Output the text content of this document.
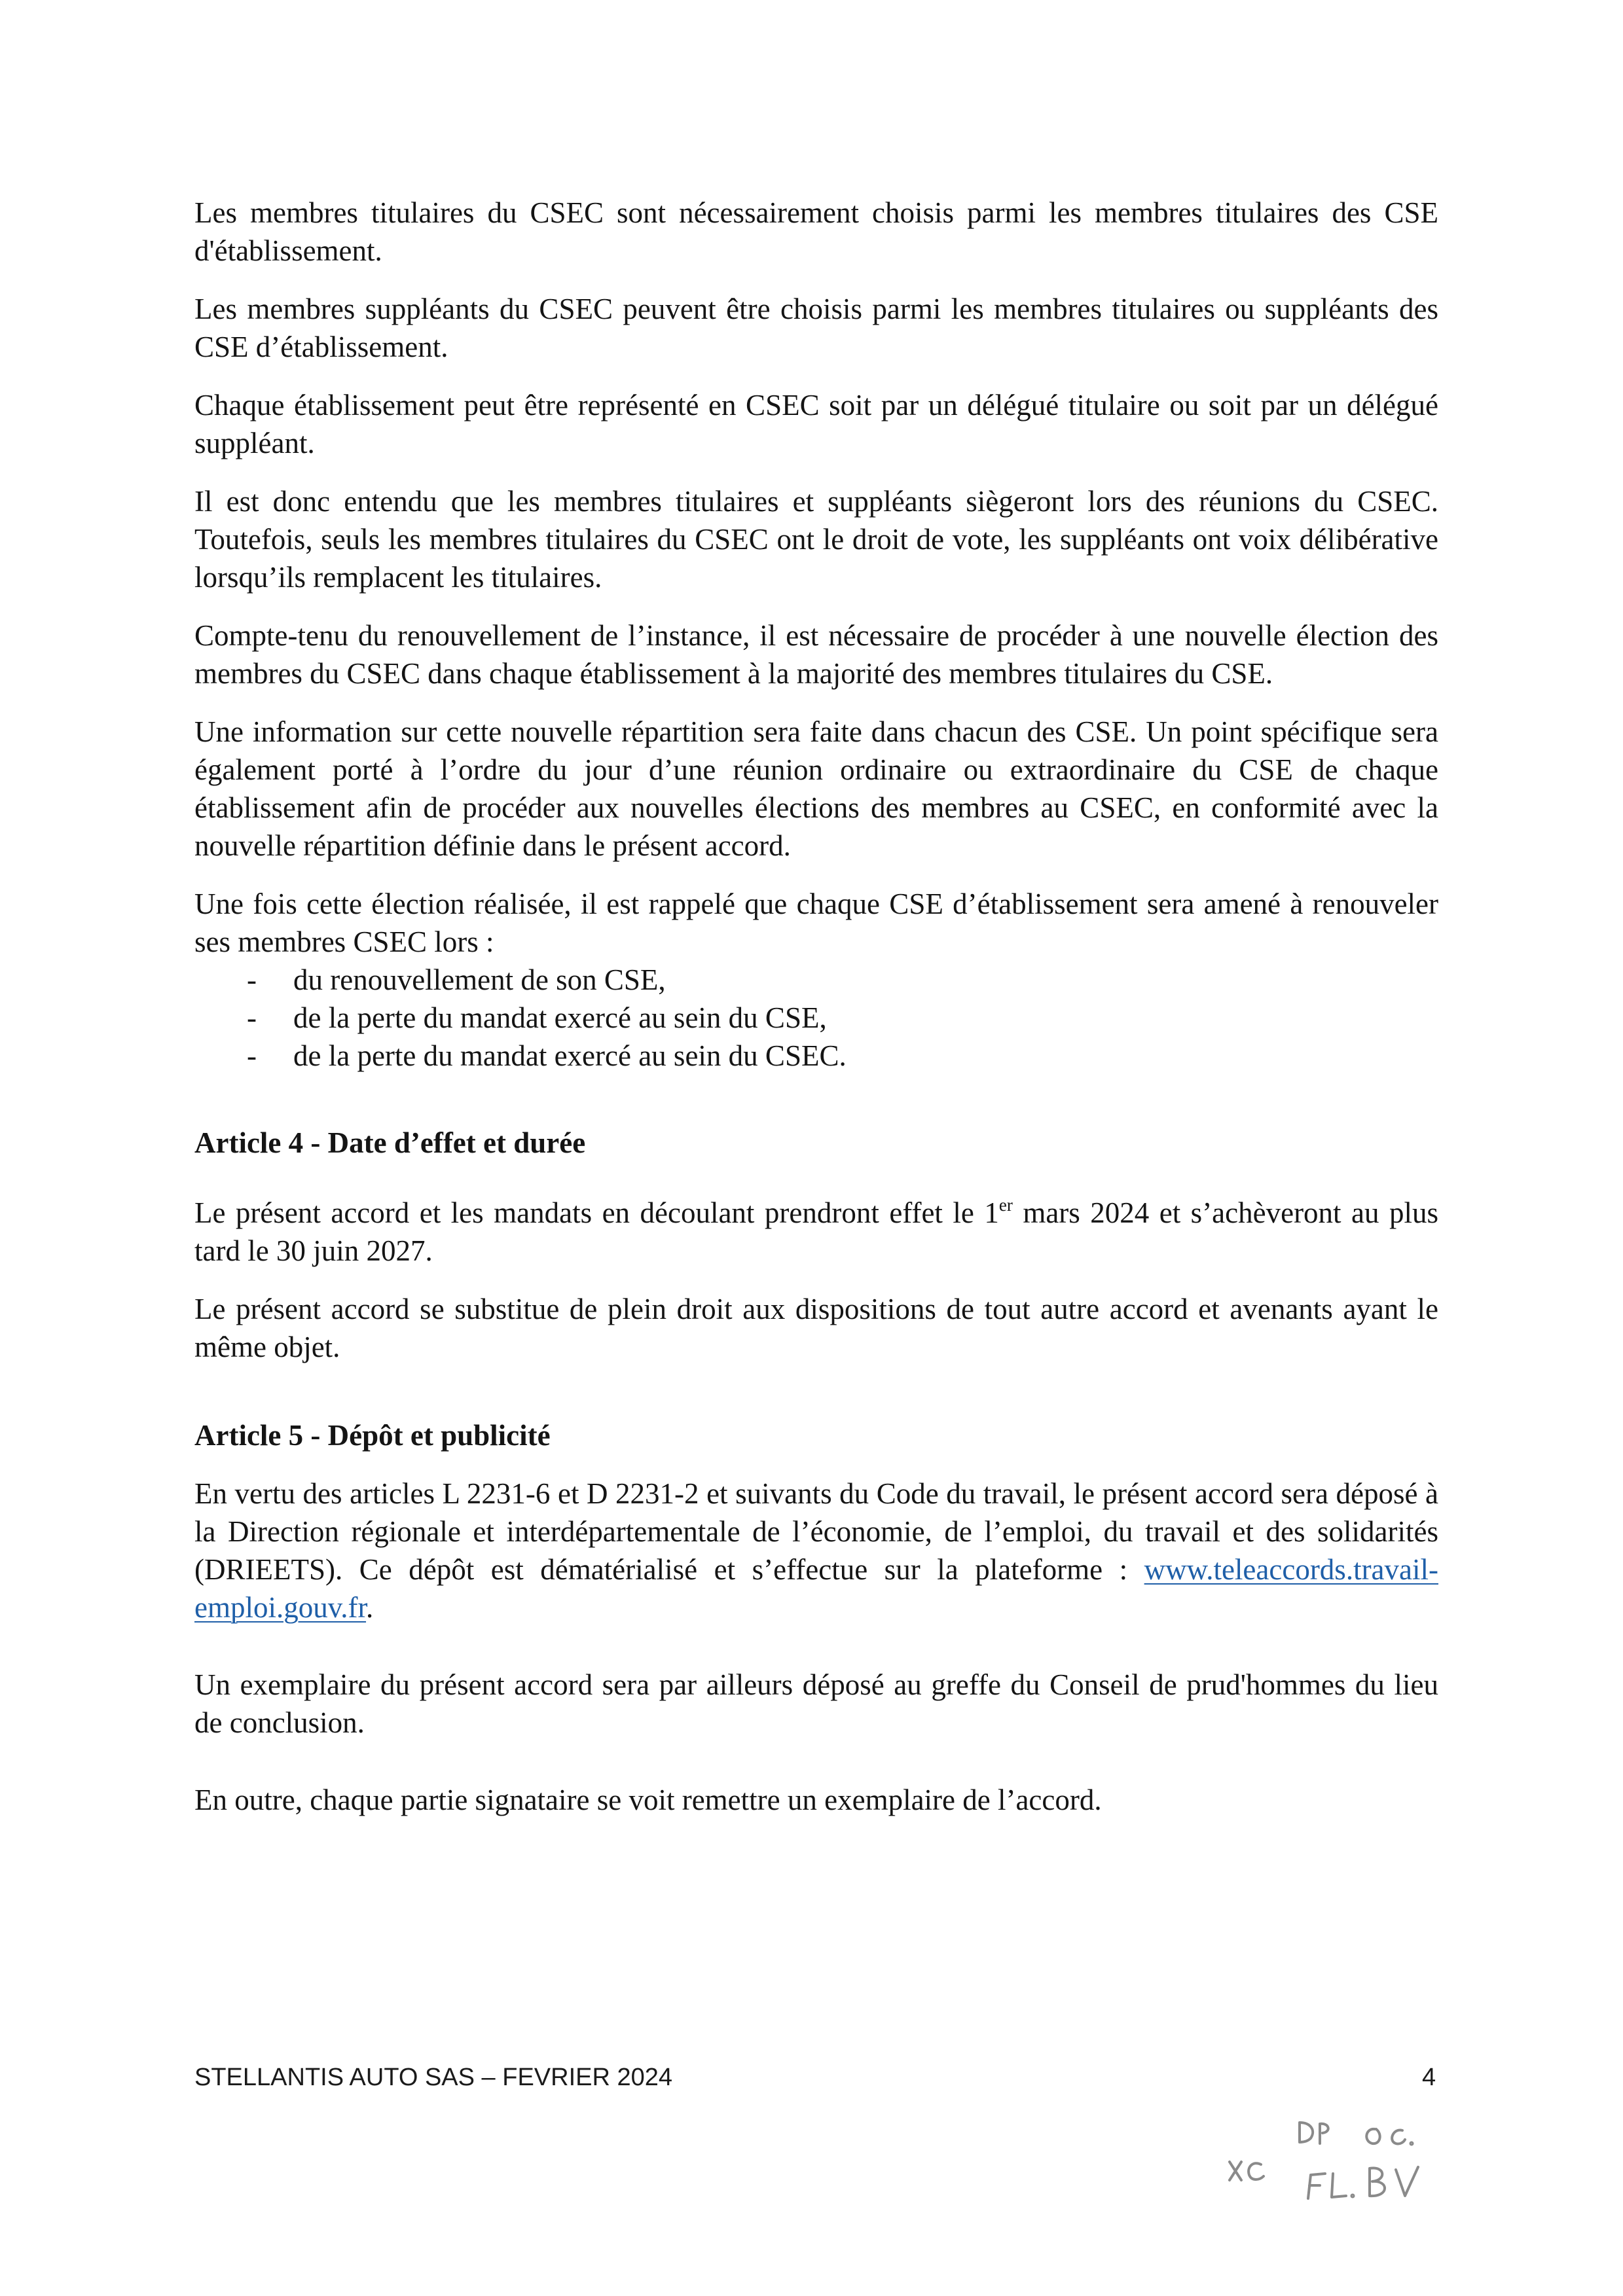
Les membres titulaires du CSEC sont nécessairement choisis parmi les membres titulaires des CSE d'établissement.

Les membres suppléants du CSEC peuvent être choisis parmi les membres titulaires ou suppléants des CSE d’établissement.

Chaque établissement peut être représenté en CSEC soit par un délégué titulaire ou soit par un délégué suppléant.

Il est donc entendu que les membres titulaires et suppléants siègeront lors des réunions du CSEC. Toutefois, seuls les membres titulaires du CSEC ont le droit de vote, les suppléants ont voix délibérative lorsqu’ils remplacent les titulaires.

Compte-tenu du renouvellement de l’instance, il est nécessaire de procéder à une nouvelle élection des membres du CSEC dans chaque établissement à la majorité des membres titulaires du CSE.

Une information sur cette nouvelle répartition sera faite dans chacun des CSE. Un point spécifique sera également porté à l’ordre du jour d’une réunion ordinaire ou extraordinaire du CSE de chaque établissement afin de procéder aux nouvelles élections des membres au CSEC, en conformité avec la nouvelle répartition définie dans le présent accord.

Une fois cette élection réalisée, il est rappelé que chaque CSE d’établissement sera amené à renouveler ses membres CSEC lors :

- du renouvellement de son CSE,
- de la perte du mandat exercé au sein du CSE,
- de la perte du mandat exercé au sein du CSEC.
Article 4 - Date d’effet et durée

Le présent accord et les mandats en découlant prendront effet le 1er mars 2024 et s’achèveront au plus tard le 30 juin 2027.

Le présent accord se substitue de plein droit aux dispositions de tout autre accord et avenants ayant le même objet.

Article 5 - Dépôt et publicité

En vertu des articles L 2231-6 et D 2231-2 et suivants du Code du travail, le présent accord sera déposé à la Direction régionale et interdépartementale de l’économie, de l’emploi, du travail et des solidarités (DRIEETS). Ce dépôt est dématérialisé et s’effectue sur la plateforme : www.teleaccords.travail-emploi.gouv.fr.

Un exemplaire du présent accord sera par ailleurs déposé au greffe du Conseil de prud'hommes du lieu de conclusion.

En outre, chaque partie signataire se voit remettre un exemplaire de l’accord.

STELLANTIS AUTO SAS – FEVRIER 2024	4
